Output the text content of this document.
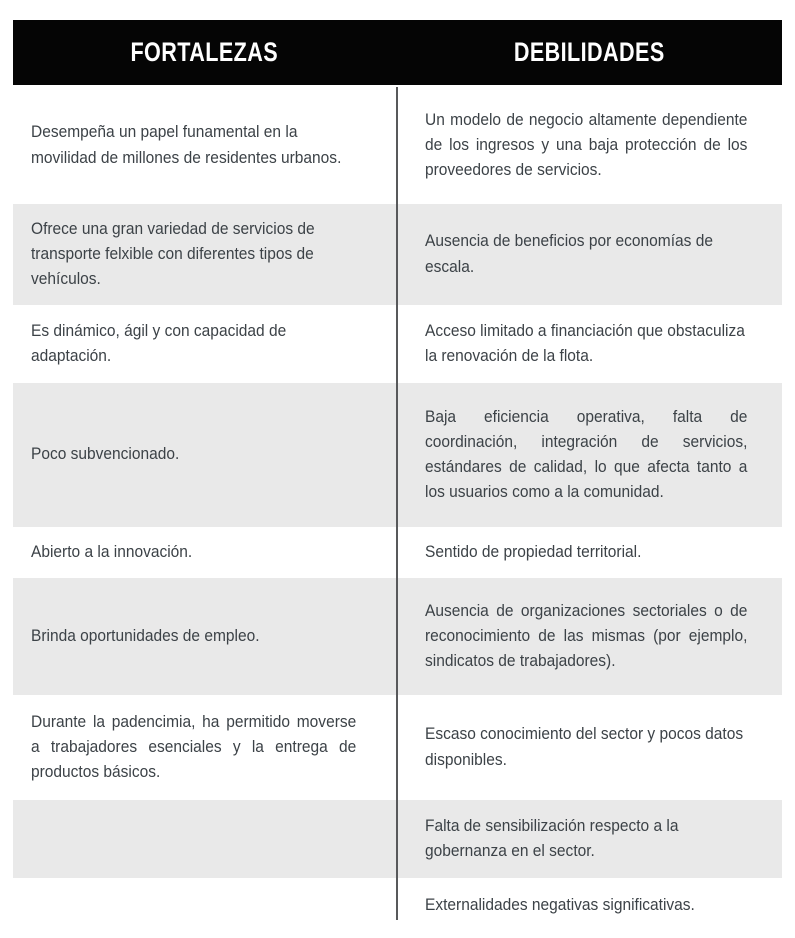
FORTALEZAS	DEBILIDADES
Desempeña un papel funamental en la movilidad de millones de residentes urbanos.
Un modelo de negocio altamente dependiente de los ingresos y una baja protección de los proveedores de servicios.
Ofrece una gran variedad de servicios de transporte felxible con diferentes tipos de vehículos.
Ausencia de beneficios por economías de escala.
Es dinámico, ágil y con capacidad de adaptación.
Acceso limitado a financiación que obstaculiza la renovación de la flota.
Poco subvencionado.
Baja eficiencia operativa, falta de coordinación, integración de servicios, estándares de calidad, lo que afecta tanto a los usuarios como a la comunidad.
Abierto a la innovación.	Sentido de propiedad territorial.
Brinda oportunidades de empleo.
Ausencia de organizaciones sectoriales o de reconocimiento de las mismas (por ejemplo, sindicatos de trabajadores).
Durante la padencimia, ha permitido moverse a trabajadores esenciales y la entrega de productos básicos.
Escaso conocimiento del sector y pocos datos disponibles.
Falta de sensibilización respecto a la gobernanza en el sector.
Externalidades negativas significativas.
